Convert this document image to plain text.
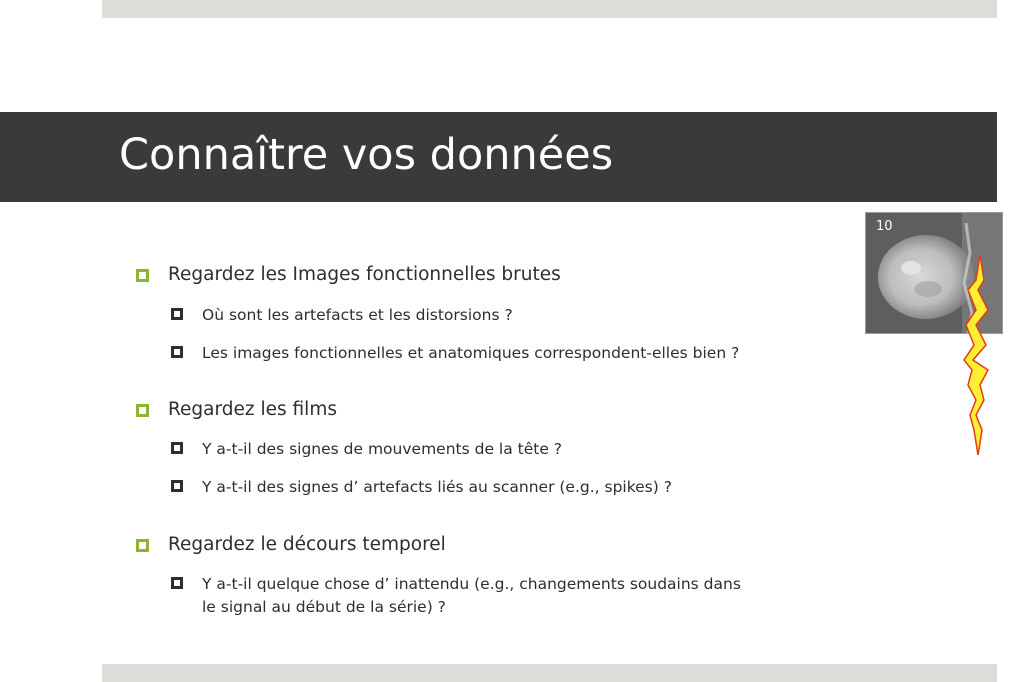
Connaître vos données
Regardez les Images fonctionnelles brutes
Où sont les artefacts et les distorsions ?
Les images fonctionnelles et anatomiques correspondent-elles bien ?
Regardez les films
Y a-t-il des signes de mouvements de la tête ?
Y a-t-il des signes d’ artefacts liés au scanner (e.g., spikes) ?
Regardez le décours temporel
Y a-t-il quelque chose d’ inattendu (e.g., changements soudains dans
le signal au début de la série) ?
10
